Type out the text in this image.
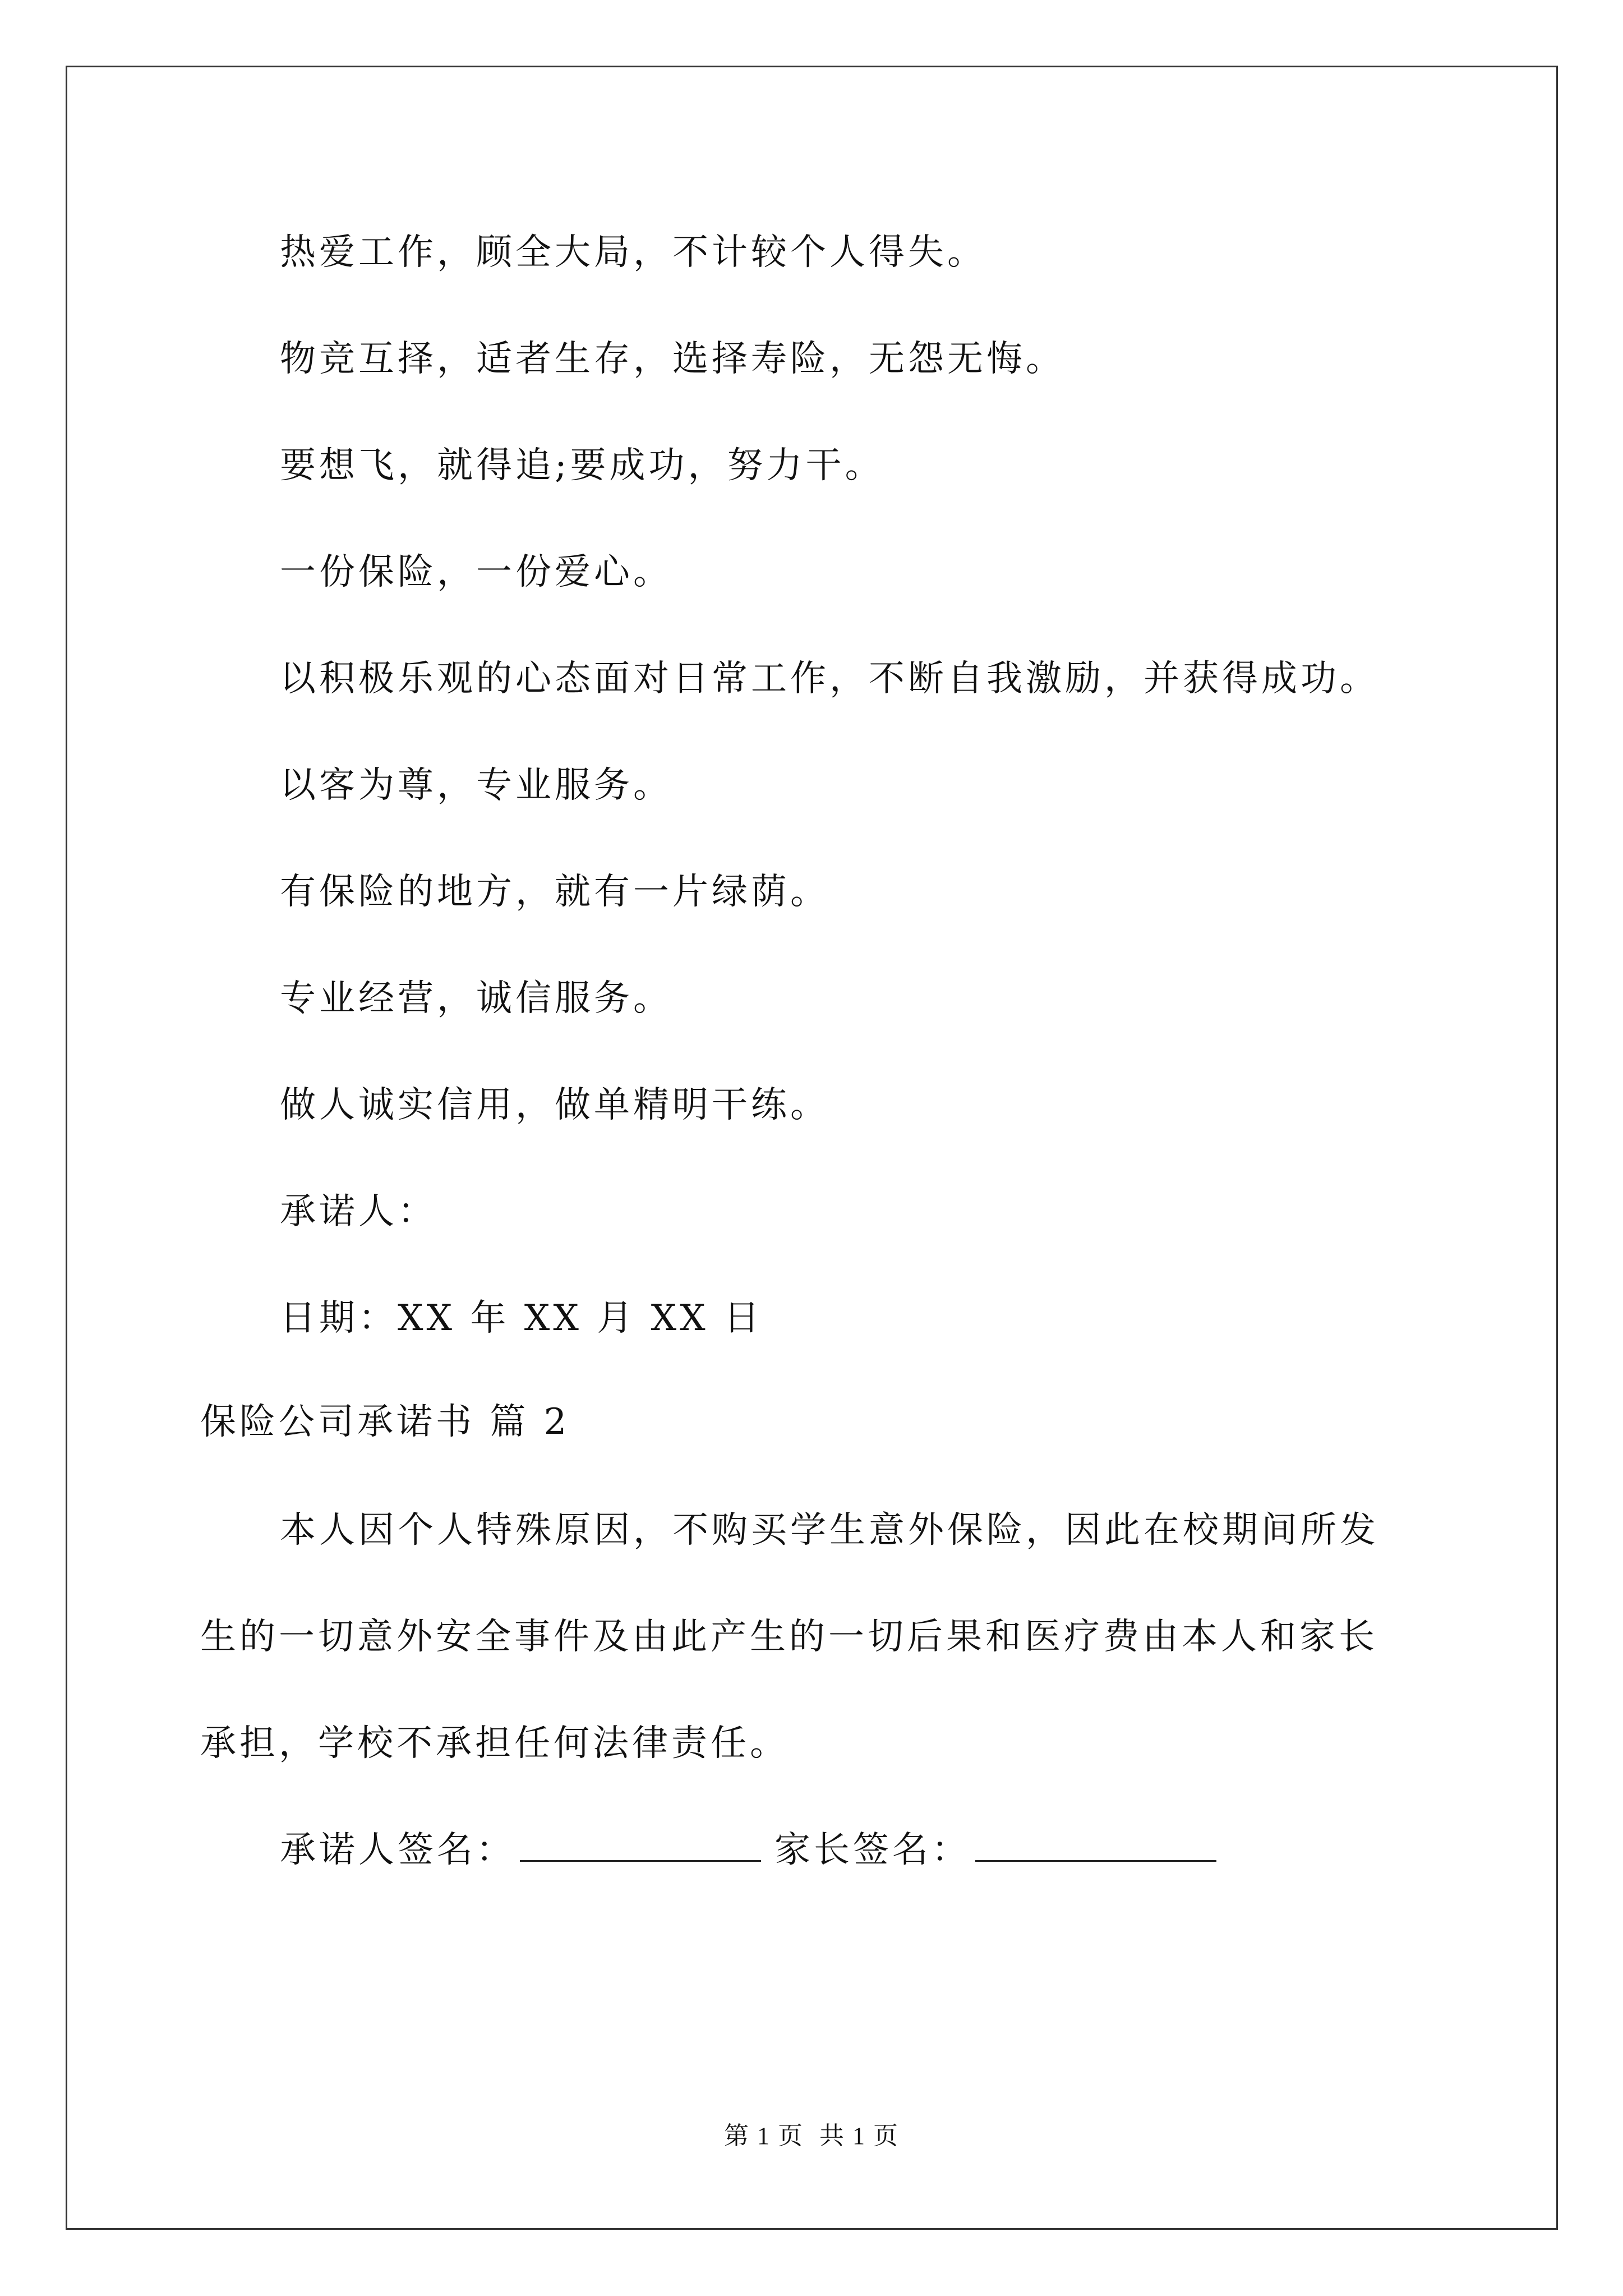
热爱工作，顾全大局，不计较个人得失。
物竞互择，适者生存，选择寿险，无怨无悔。
要想飞，就得追;要成功，努力干。
一份保险，一份爱心。
以积极乐观的心态面对日常工作，不断自我激励，并获得成功。
以客为尊，专业服务。
有保险的地方，就有一片绿荫。
专业经营，诚信服务。
做人诚实信用，做单精明干练。
承诺人：
日期：XX 年 XX 月 XX 日
保险公司承诺书 篇 2
本人因个人特殊原因，不购买学生意外保险，因此在校期间所发
生的一切意外安全事件及由此产生的一切后果和医疗费由本人和家长
承担，学校不承担任何法律责任。
承诺人签名：	家长签名：
第 1 页 共 1 页
